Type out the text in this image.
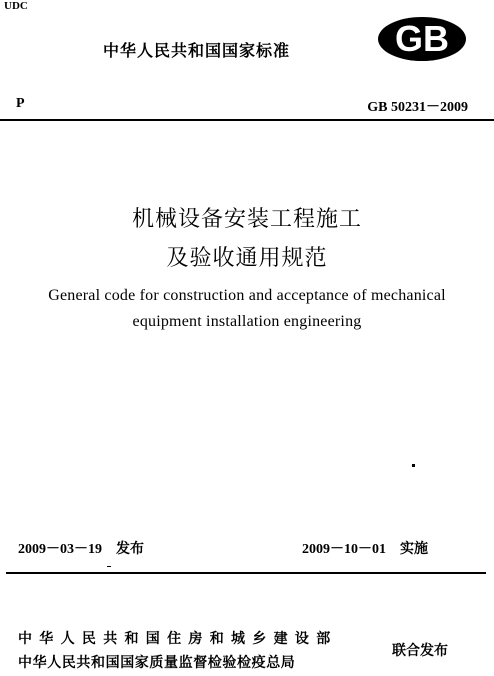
UDC
中华人民共和国国家标准	GB
P	GB 50231－2009
机械设备安装工程施工
及验收通用规范
General code for construction and acceptance of mechanical
equipment installation engineering
2009－03－19　发布	2009－10－01　实施
中华人民共和国住房和城乡建设部
中华人民共和国国家质量监督检验检疫总局
联合发布
